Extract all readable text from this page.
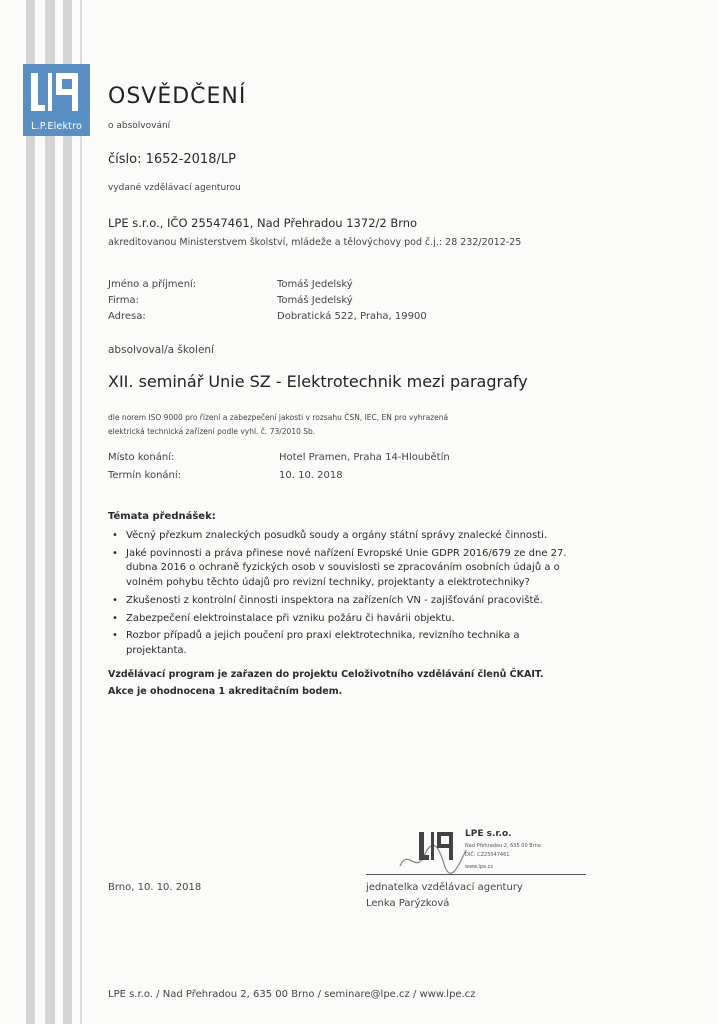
L.P.Elektro
OSVĚDČENÍ
o absolvování
číslo: 1652-2018/LP
vydané vzdělávací agenturou
LPE s.r.o., IČO 25547461, Nad Přehradou 1372/2 Brno
akreditovanou Ministerstvem školství, mládeže a tělovýchovy pod č.j.: 28 232/2012-25
Jméno a příjmení:	Tomáš Jedelský
Firma:	Tomáš Jedelský
Adresa:	Dobratická 522, Praha, 19900
absolvoval/a školení
XII. seminář Unie SZ - Elektrotechnik mezi paragrafy
dle norem ISO 9000 pro řízení a zabezpečení jakosti v rozsahu ČSN, IEC, EN pro vyhrazená
elektrická technická zařízení podle vyhl. č. 73/2010 Sb.
Místo konání:	Hotel Pramen, Praha 14-Hloubětín
Termín konání:	10. 10. 2018
Témata přednášek:
• Věcný přezkum znaleckých posudků soudy a orgány státní správy znalecké činnosti.
• Jaké povinnosti a práva přinese nové nařízení Evropské Unie GDPR 2016/679 ze dne 27. dubna 2016 o ochraně fyzických osob v souvislosti se zpracováním osobních údajů a o volném pohybu těchto údajů pro revizní techniky, projektanty a elektrotechniky?
• Zkušenosti z kontrolní činnosti inspektora na zařízeních VN - zajišťování pracoviště.
• Zabezpečení elektroinstalace při vzniku požáru či havárii objektu.
• Rozbor případů a jejich poučení pro praxi elektrotechnika, revizního technika a projektanta.
Vzdělávací program je zařazen do projektu Celoživotního vzdělávání členů ČKAIT.
Akce je ohodnocena 1 akreditačním bodem.
LPE s.r.o.
Nad Přehradou 2, 635 00 Brno
DIČ: CZ25547461
www.lpe.cz
Brno, 10. 10. 2018	jednatelka vzdělávací agentury
Lenka Parýzková
LPE s.r.o. / Nad Přehradou 2, 635 00 Brno / seminare@lpe.cz / www.lpe.cz
